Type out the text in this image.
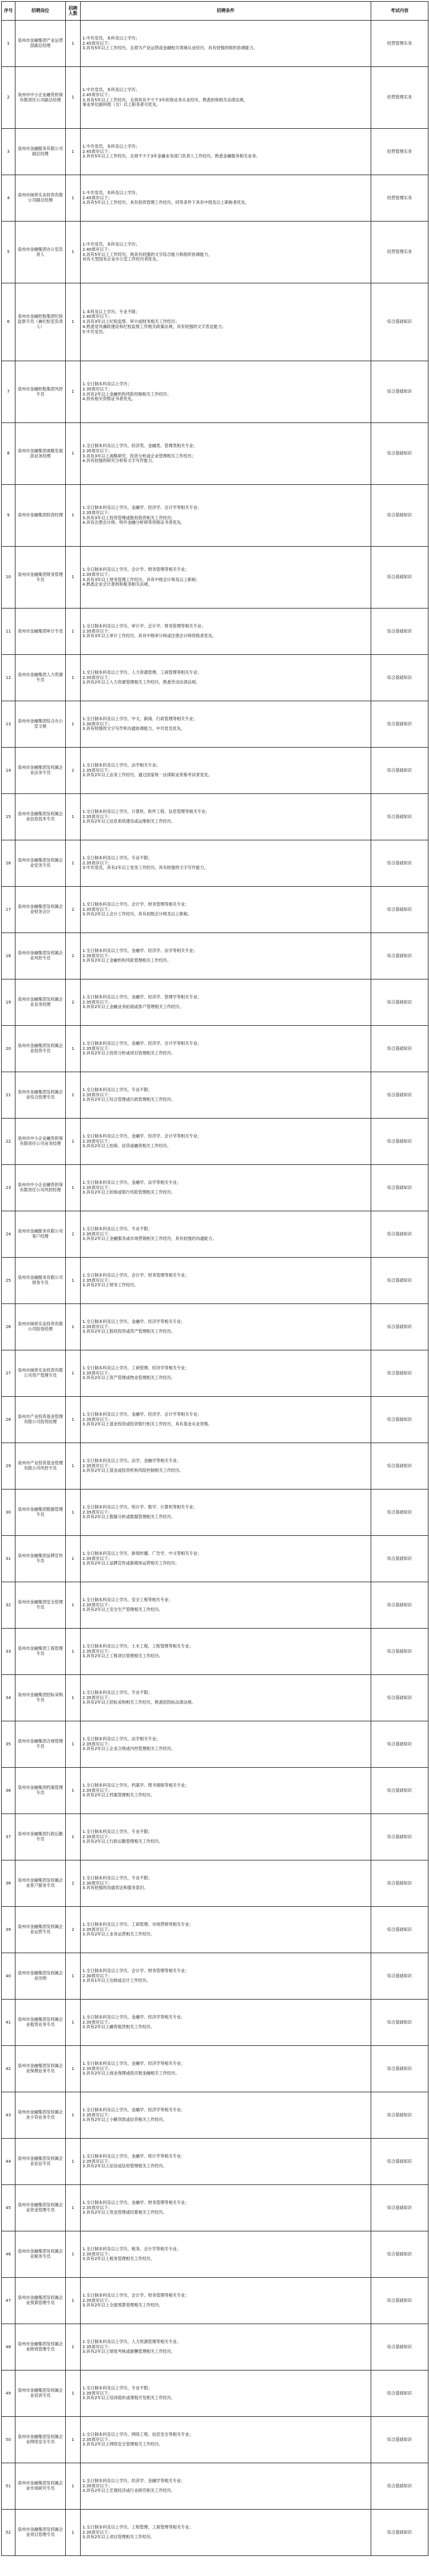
序号	招聘岗位	招聘人数	招聘条件	考试内容
1	泉州市金融集团产业运营部副总经理	1	1.中共党员，本科及以上学历；
2.45周岁以下；
3.具有5年以上工作经历，且须为产业运营或金融相关领域从业经历，具有较强的组织协调能力。	经营管理实务
2	泉州市中小企业融资担保有限责任公司副总经理	1	1.中共党员，本科及以上学历；
2.45周岁以下；
3.具有5年以上工作经历，且须具有不少于3年担保业务从业经历，熟悉担保相关法律法规，
事业单位副科级（含）以上职务者可优先。	经营管理实务
3	泉州市金融服务有限公司副总经理	1	1.中共党员，本科及以上学历；
2.45周岁以下；
3.具有5年以上工作经历，且须不少于3年金融业务部门负责人工作经历，熟悉金融服务相关业务。	经营管理实务
4	泉州市闽侨实业投资有限公司副总经理	1	1.中共党员，本科及以上学历；
2.45周岁以下；
3.具有5年以上工作经历，具有投资管理工作经历，同等条件下具有中级及以上职称者优先。	经营管理实务
5	泉州市金融集团办公室负责人	1	1.中共党员，本科及以上学历；
2.40周岁以下；
3.具有5年以上工作经历，须具有较强的文字综合能力和组织协调能力，
具有大型国有企业办公室工作经历者优先。	经营管理实务
6	泉州市金融控股集团纪检监察专员（兼纪检室负责人）	1	1.本科及以上学历，专业不限；
2.40周岁以下；
3.具有3年以上纪检监察、审计或财务相关工作经历；
4.熟悉党风廉政建设和纪检监察工作相关政策法规，具有较强的文字表达能力；
5.中共党员。	综合基础知识
7	泉州市金融控股集团风控专员	1	1.全日制本科及以上学历；
2.35周岁以下；
3.具有2年以上金融机构风险控制相关工作经历；
4.持有相关资格证书者优先。	综合基础知识
8	泉州市金融集团战略发展部业务经理	1	1.全日制本科及以上学历，经济类、金融类、管理类相关专业；
2.35周岁以下；
3.具有3年以上战略研究、投资分析或企业管理相关工作经历；
4.具有较强的研究分析和文字写作能力。	综合基础知识
9	泉州市金融集团投资经理	1	1.全日制本科及以上学历，金融学、经济学、会计学等相关专业；
2.35周岁以下；
3.具有3年以上投资管理或股权投资相关工作经历；
4.具有注册会计师、特许金融分析师等资格证书者优先。	综合基础知识
10	泉州市金融集团财务管理专员	1	1.全日制本科及以上学历，会计学、财务管理等相关专业；
2.35周岁以下；
3.具有3年以上财务管理工作经历，具有中级会计师及以上职称；
4.熟悉企业会计准则和税务相关法规。	综合基础知识
11	泉州市金融集团审计专员	1	1.全日制本科及以上学历，审计学、会计学、财务管理等相关专业；
2.35周岁以下；
3.具有3年以上审计工作经历，具有中级审计师或注册会计师资格者优先。	综合基础知识
12	泉州市金融集团人力资源专员	1	1.全日制本科及以上学历，人力资源管理、工商管理等相关专业；
2.35周岁以下；
3.具有2年以上人力资源管理相关工作经历，熟悉劳动法律法规。	综合基础知识
13	泉州市金融集团综合办公室文秘	1	1.全日制本科及以上学历，中文、新闻、行政管理等相关专业；
2.30周岁以下；
3.具有较强的文字写作和沟通协调能力，中共党员优先。	综合基础知识
14	泉州市金融集团及权属企业法务专员	2	1.全日制本科及以上学历，法学相关专业；
2.35周岁以下；
3.具有2年以上法务工作经历，通过国家统一法律职业资格考试者优先。	综合基础知识
15	泉州市金融集团及权属企业信息技术专员	1	1.全日制本科及以上学历，计算机、软件工程、信息管理等相关专业；
2.35周岁以下；
3.具有2年以上信息系统建设或运维相关工作经历。	综合基础知识
16	泉州市金融集团及权属企业党务专员	1	1.全日制本科及以上学历，专业不限；
2.35周岁以下；
3.中共党员，具有2年以上党务工作经历，具有较强的文字写作能力。	综合基础知识
17	泉州市金融集团及权属企业财务会计	2	1.全日制本科及以上学历，会计学、财务管理等相关专业；
2.35周岁以下；
3.具有2年以上会计工作经历，具有初级会计师及以上职称。	综合基础知识
18	泉州市金融集团及权属企业风控专员	2	1.全日制本科及以上学历，金融学、经济学、法学等相关专业；
2.35周岁以下；
3.具有2年以上金融机构风险管理相关工作经历。	综合基础知识
19	泉州市金融集团及权属企业业务经理	2	1.全日制本科及以上学历，金融学、经济学、管理学等相关专业；
2.35周岁以下；
3.具有2年以上金融业务拓展或客户管理相关工作经历。	综合基础知识
20	泉州市金融集团及权属企业投资专员	1	1.全日制本科及以上学历，金融学、经济学、会计学等相关专业；
2.35周岁以下；
3.具有2年以上投资分析或项目管理相关工作经历。	综合基础知识
21	泉州市金融集团及权属企业综合管理专员	1	1.全日制本科及以上学历，专业不限；
2.35周岁以下；
3.具有2年以上综合管理或行政管理相关工作经历。	综合基础知识
22	泉州市中小企业融资担保有限责任公司业务经理	2	1.全日制本科及以上学历，金融学、经济学、会计学等相关专业；
2.35周岁以下；
3.具有2年以上担保、信贷或融资相关工作经历。	综合基础知识
23	泉州市中小企业融资担保有限责任公司风控经理	1	1.全日制本科及以上学历，金融学、法学等相关专业；
2.35周岁以下；
3.具有2年以上担保或银行风险管理相关工作经历。	综合基础知识
24	泉州市金融服务有限公司客户经理	2	1.全日制本科及以上学历，专业不限；
2.35周岁以下；
3.具有2年以上金融服务或市场营销相关工作经历，具有较强的沟通能力。	综合基础知识
25	泉州市金融服务有限公司财务专员	1	1.全日制本科及以上学历，会计学、财务管理等相关专业；
2.35周岁以下；
3.具有2年以上财务工作经历。	综合基础知识
26	泉州市闽侨实业投资有限公司投资经理	1	1.全日制本科及以上学历，金融学、经济学等相关专业；
2.35周岁以下；
3.具有2年以上股权投资或资产管理相关工作经历。	综合基础知识
27	泉州市闽侨实业投资有限公司资产管理专员	1	1.全日制本科及以上学历，工商管理、经济学等相关专业；
2.35周岁以下；
3.具有2年以上资产管理或物业管理相关工作经历。	综合基础知识
28	泉州市产业投资基金管理有限公司投资经理	1	1.全日制本科及以上学历，金融学、经济学、会计学等相关专业；
2.35周岁以下；
3.具有2年以上基金投资或投资银行相关工作经历，具有基金从业资格。	综合基础知识
29	泉州市产业投资基金管理有限公司风控专员	1	1.全日制本科及以上学历，法学、金融学等相关专业；
2.35周岁以下；
3.具有2年以上基金或投资机构风险控制相关工作经历。	综合基础知识
30	泉州市金融集团数据管理专员	1	1.全日制本科及以上学历，统计学、数学、计算机等相关专业；
2.35周岁以下；
3.具有2年以上数据分析或数据管理相关工作经历。	综合基础知识
31	泉州市金融集团品牌宣传专员	1	1.全日制本科及以上学历，新闻传播、广告学、中文等相关专业；
2.35周岁以下；
3.具有2年以上品牌宣传或新媒体运营相关工作经历。	综合基础知识
32	泉州市金融集团安全管理专员	1	1.全日制本科及以上学历，安全工程等相关专业；
2.35周岁以下；
3.具有2年以上安全生产管理相关工作经历。	综合基础知识
33	泉州市金融集团工程管理专员	1	1.全日制本科及以上学历，土木工程、工程管理等相关专业；
2.35周岁以下；
3.具有2年以上工程项目管理相关工作经历。	综合基础知识
34	泉州市金融集团招标采购专员	1	1.全日制本科及以上学历，专业不限；
2.35周岁以下；
3.具有2年以上招标采购相关工作经历，熟悉招投标法律法规。	综合基础知识
35	泉州市金融集团合规管理专员	1	1.全日制本科及以上学历，法学相关专业；
2.35周岁以下；
3.具有2年以上企业合规或内控管理相关工作经历。	综合基础知识
36	泉州市金融集团档案管理专员	1	1.全日制本科及以上学历，档案学、图书情报等相关专业；
2.35周岁以下；
3.具有2年以上档案管理相关工作经历。	综合基础知识
37	泉州市金融集团行政后勤专员	1	1.全日制本科及以上学历，专业不限；
2.35周岁以下；
3.具有2年以上行政后勤管理相关工作经历。	综合基础知识
38	泉州市金融集团及权属企业客户服务专员	2	1.全日制本科及以上学历，专业不限；
2.30周岁以下；
3.具有较强的沟通表达和服务意识。	综合基础知识
39	泉州市金融集团及权属企业运营专员	2	1.全日制本科及以上学历，工商管理、市场营销等相关专业；
2.35周岁以下；
3.具有2年以上业务运营相关工作经历。	综合基础知识
40	泉州市金融集团及权属企业出纳	1	1.全日制本科及以上学历，会计学、财务管理等相关专业；
2.30周岁以下；
3.具有1年以上出纳或会计工作经历。	综合基础知识
41	泉州市金融集团及权属企业租赁业务专员	1	1.全日制本科及以上学历，金融学、经济学等相关专业；
2.35周岁以下；
3.具有2年以上融资租赁相关工作经历。	综合基础知识
42	泉州市金融集团及权属企业保理业务专员	1	1.全日制本科及以上学历，金融学、经济学等相关专业；
2.35周岁以下；
3.具有2年以上商业保理或供应链金融相关工作经历。	综合基础知识
43	泉州市金融集团及权属企业小贷业务专员	1	1.全日制本科及以上学历，金融学、经济学等相关专业；
2.35周岁以下；
3.具有2年以上小额贷款或信贷相关工作经历。	综合基础知识
44	泉州市金融集团及权属企业征信专员	1	1.全日制本科及以上学历，金融学、统计学等相关专业；
2.35周岁以下；
3.具有2年以上征信或信用管理相关工作经历。	综合基础知识
45	泉州市金融集团及权属企业资金管理专员	1	1.全日制本科及以上学历，金融学、财务管理等相关专业；
2.35周岁以下；
3.具有2年以上资金管理或结算相关工作经历。	综合基础知识
46	泉州市金融集团及权属企业税务专员	1	1.全日制本科及以上学历，税务、会计学等相关专业；
2.35周岁以下；
3.具有2年以上税务管理相关工作经历。	综合基础知识
47	泉州市金融集团及权属企业预算管理专员	1	1.全日制本科及以上学历，会计学、财务管理等相关专业；
2.35周岁以下；
3.具有2年以上全面预算管理相关工作经历。	综合基础知识
48	泉州市金融集团及权属企业绩效管理专员	1	1.全日制本科及以上学历，人力资源管理等相关专业；
2.35周岁以下；
3.具有2年以上绩效考核或薪酬管理相关工作经历。	综合基础知识
49	泉州市金融集团及权属企业培训专员	1	1.全日制本科及以上学历，专业不限；
2.35周岁以下；
3.具有2年以上培训组织或课程开发相关工作经历。	综合基础知识
50	泉州市金融集团及权属企业网络安全专员	1	1.全日制本科及以上学历，网络工程、信息安全等相关专业；
2.35周岁以下；
3.具有2年以上网络安全管理相关工作经历。	综合基础知识
51	泉州市金融集团及权属企业市场研究专员	1	1.全日制本科及以上学历，经济学、金融学等相关专业；
2.35周岁以下；
3.具有2年以上宏观经济或行业研究相关工作经历。	综合基础知识
52	泉州市金融集团及权属企业项目管理专员	1	1.全日制本科及以上学历，工程管理、工商管理等相关专业；
2.35周岁以下；
3.具有2年以上项目管理相关工作经历。	综合基础知识
